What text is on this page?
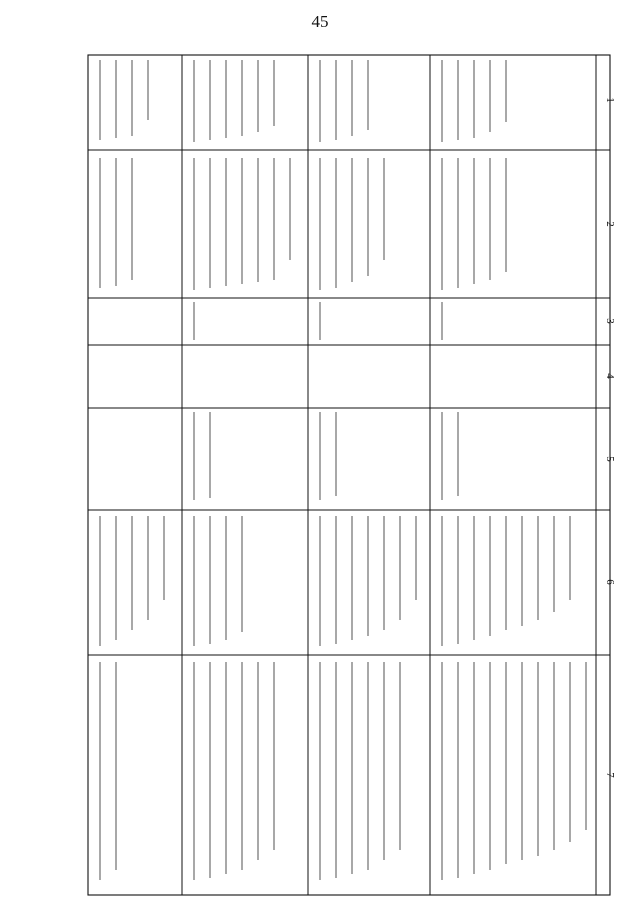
45
1
2
3
4
5
6
7
